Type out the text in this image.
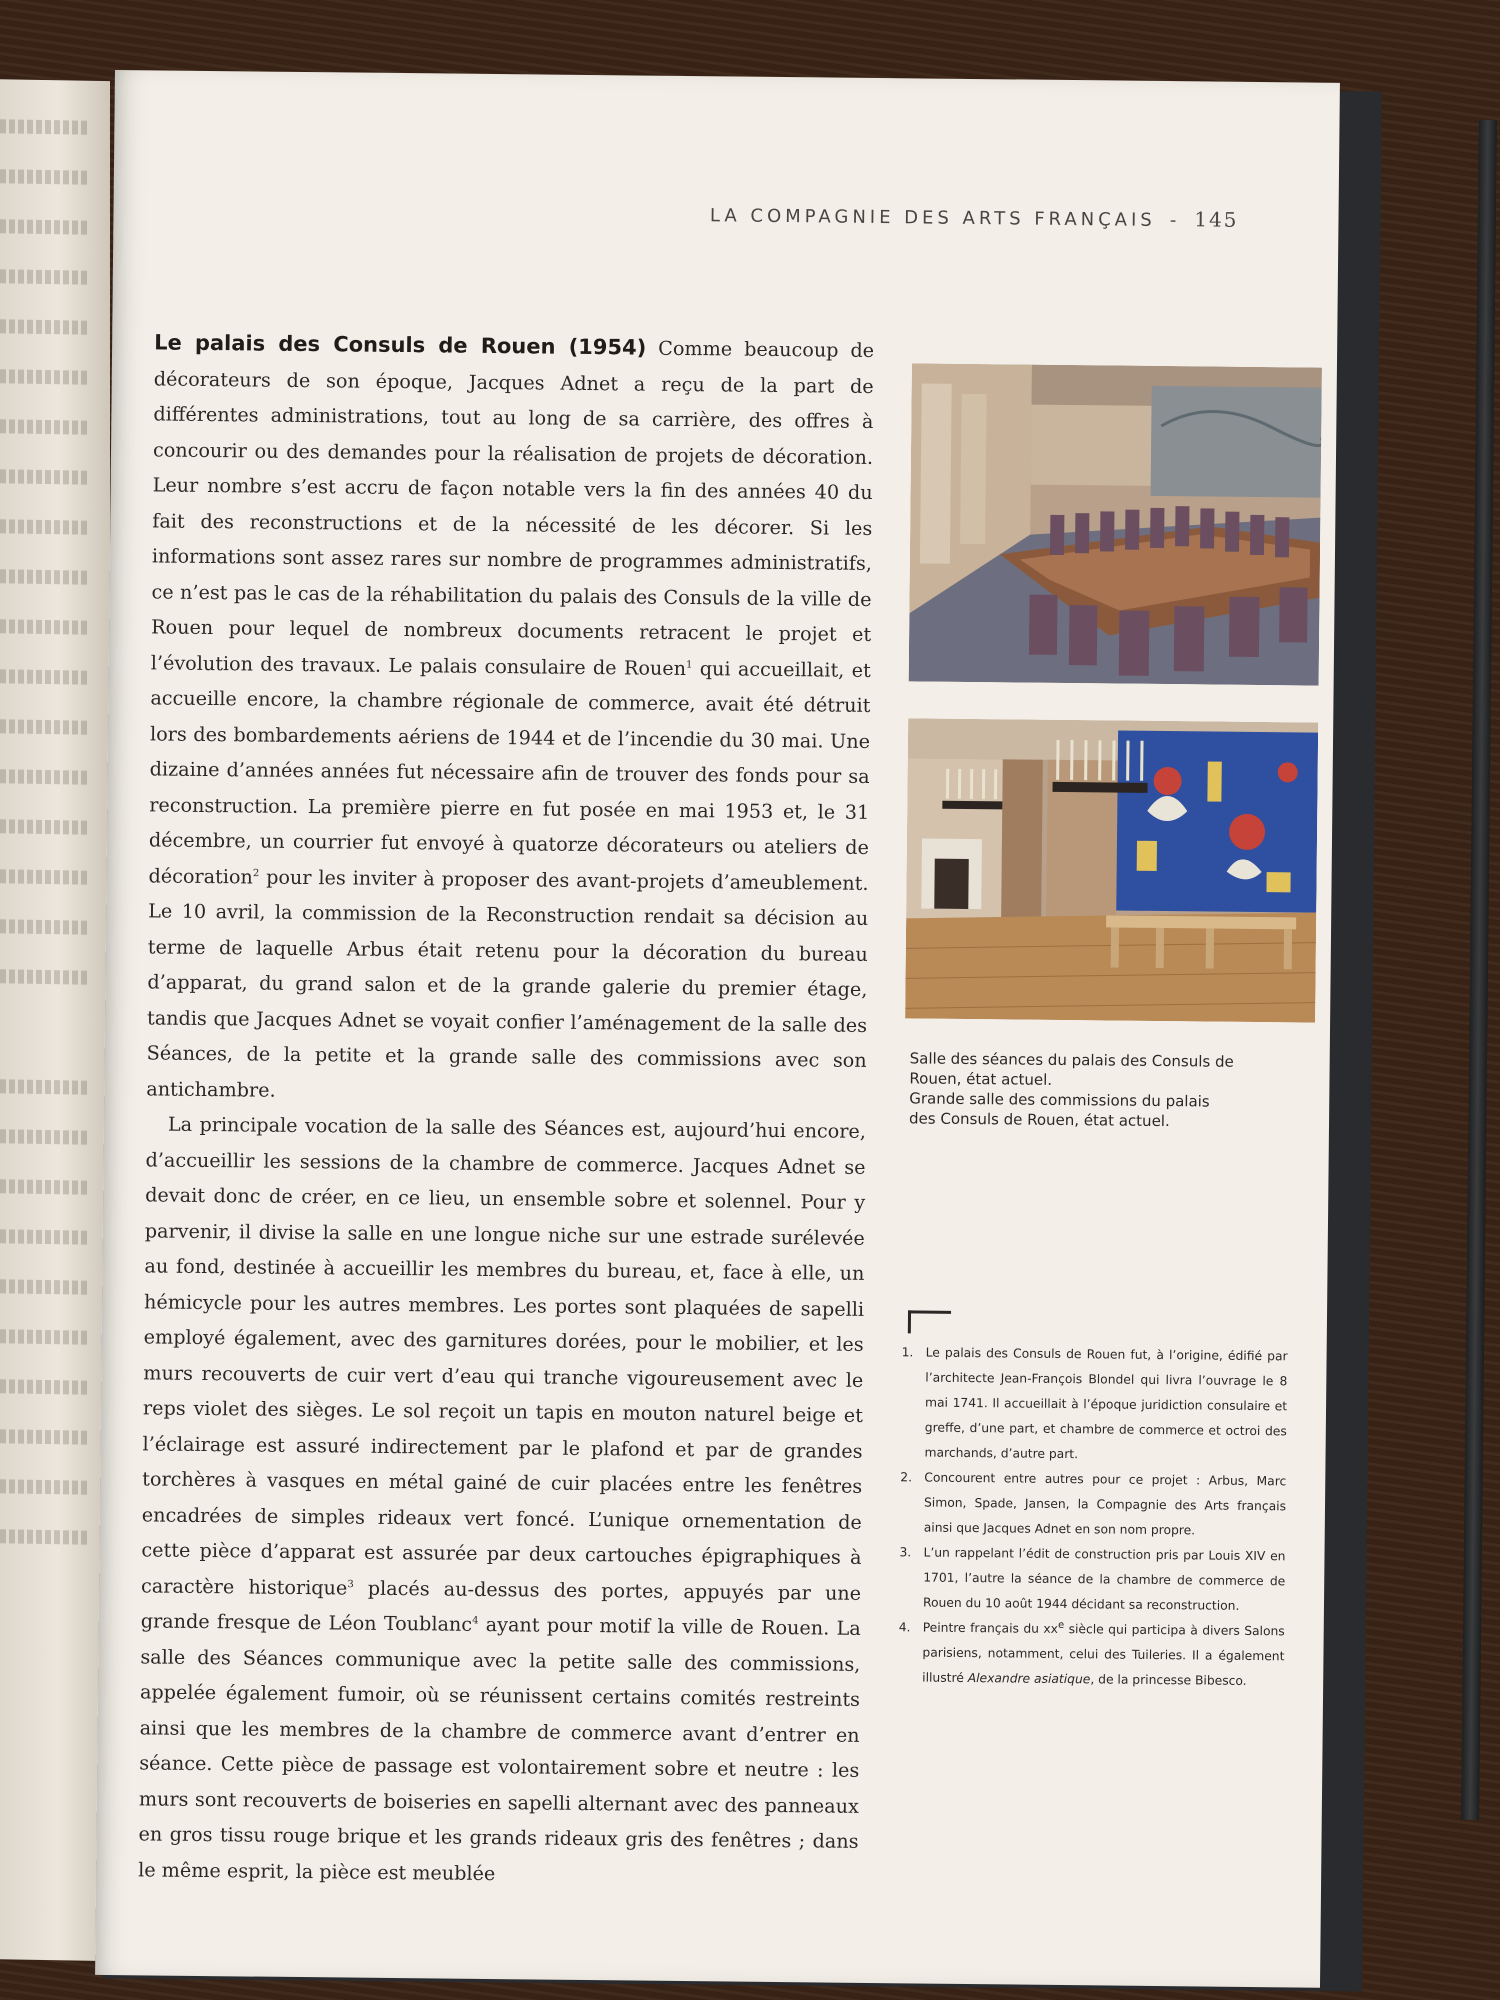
LA COMPAGNIE DES ARTS FRANÇAIS - 145

Le palais des Consuls de Rouen (1954) Comme beaucoup de décorateurs de son époque, Jacques Adnet a reçu de la part de différentes administrations, tout au long de sa carrière, des offres à concourir ou des demandes pour la réalisation de projets de décoration. Leur nombre s’est accru de façon notable vers la fin des années 40 du fait des reconstructions et de la nécessité de les décorer. Si les informations sont assez rares sur nombre de programmes administratifs, ce n’est pas le cas de la réhabilitation du palais des Consuls de la ville de Rouen pour lequel de nombreux documents retracent le projet et l’évolution des travaux. Le palais consulaire de Rouen$^1$ qui accueillait, et accueille encore, la chambre régionale de commerce, avait été détruit lors des bombardements aériens de 1944 et de l’incendie du 30 mai. Une dizaine d’années années fut nécessaire afin de trouver des fonds pour sa reconstruction. La première pierre en fut posée en mai 1953 et, le 31 décembre, un courrier fut envoyé à quatorze décorateurs ou ateliers de décoration$^2$ pour les inviter à proposer des avant-projets d’ameublement. Le 10 avril, la commission de la Reconstruction rendait sa décision au terme de laquelle Arbus était retenu pour la décoration du bureau d’apparat, du grand salon et de la grande galerie du premier étage, tandis que Jacques Adnet se voyait confier l’aménagement de la salle des Séances, de la petite et la grande salle des commissions avec son antichambre.

La principale vocation de la salle des Séances est, aujourd’hui encore, d’accueillir les sessions de la chambre de commerce. Jacques Adnet se devait donc de créer, en ce lieu, un ensemble sobre et solennel. Pour y parvenir, il divise la salle en une longue niche sur une estrade surélevée au fond, destinée à accueillir les membres du bureau, et, face à elle, un hémicycle pour les autres membres. Les portes sont plaquées de sapelli employé également, avec des garnitures dorées, pour le mobilier, et les murs recouverts de cuir vert d’eau qui tranche vigoureusement avec le reps violet des sièges. Le sol reçoit un tapis en mouton naturel beige et l’éclairage est assuré indirectement par le plafond et par de grandes torchères à vasques en métal gainé de cuir placées entre les fenêtres encadrées de simples rideaux vert foncé. L’unique ornementation de cette pièce d’apparat est assurée par deux cartouches épigraphiques à caractère historique$^3$ placés au-dessus des portes, appuyés par une grande fresque de Léon Toublanc$^4$ ayant pour motif la ville de Rouen. La salle des Séances communique avec la petite salle des commissions, appelée également fumoir, où se réunissent certains comités restreints ainsi que les membres de la chambre de commerce avant d’entrer en séance. Cette pièce de passage est volontairement sobre et neutre : les murs sont recouverts de boiseries en sapelli alternant avec des panneaux en gros tissu rouge brique et les grands rideaux gris des fenêtres ; dans le même esprit, la pièce est meublée

Salle des séances du palais des Consuls de Rouen, état actuel.
Grande salle des commissions du palais des Consuls de Rouen, état actuel.
1. Le palais des Consuls de Rouen fut, à l’origine, édifié par l’architecte Jean-François Blondel qui livra l’ouvrage le 8 mai 1741. Il accueillait à l’époque juridiction consulaire et greffe, d’une part, et chambre de commerce et octroi des marchands, d’autre part.
2. Concourent entre autres pour ce projet : Arbus, Marc Simon, Spade, Jansen, la Compagnie des Arts français ainsi que Jacques Adnet en son nom propre.
3. L’un rappelant l’édit de construction pris par Louis XIV en 1701, l’autre la séance de la chambre de commerce de Rouen du 10 août 1944 décidant sa reconstruction.
4. Peintre français du $xx^e$ siècle qui participa à divers Salons parisiens, notamment, celui des Tuileries. Il a également illustré Alexandre asiatique, de la princesse Bibesco.
